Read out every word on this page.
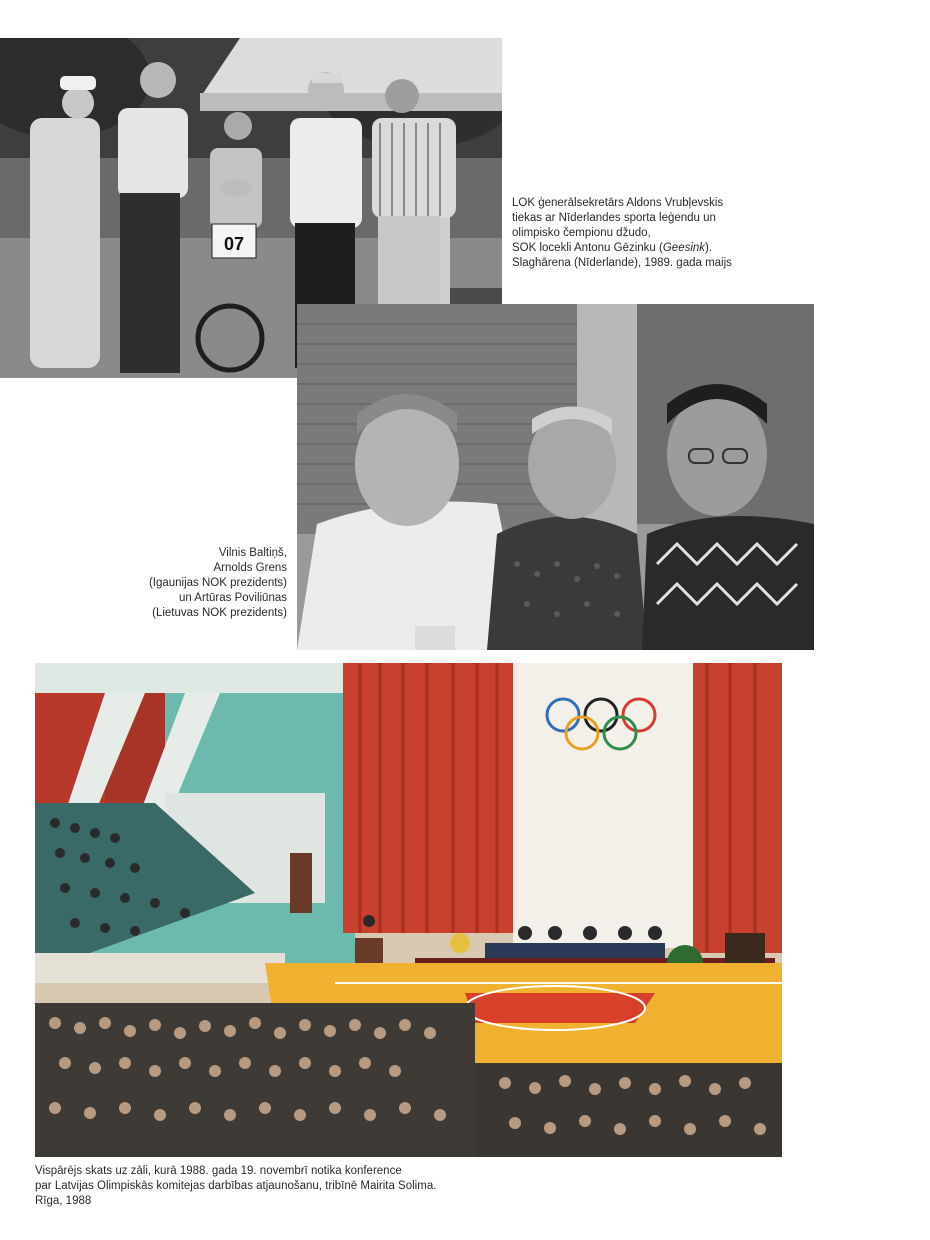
07
LOK ģenerālsekretārs Aldons Vrubļevskis
tiekas ar Nīderlandes sporta leģendu un
olimpisko čempionu džudo,
SOK locekli Antonu Gēzinku (Geesink).
Slaghārena (Nīderlande), 1989. gada maijs
Vilnis Baltiņš,
Arnolds Grens
(Igaunijas NOK prezidents)
un Artūras Poviliūnas
(Lietuvas NOK prezidents)
Vispārējs skats uz zāli, kurā 1988. gada 19. novembrī notika konference
par Latvijas Olimpiskās komitejas darbības atjaunošanu, tribīnē Mairita Solima.
Rīga, 1988
